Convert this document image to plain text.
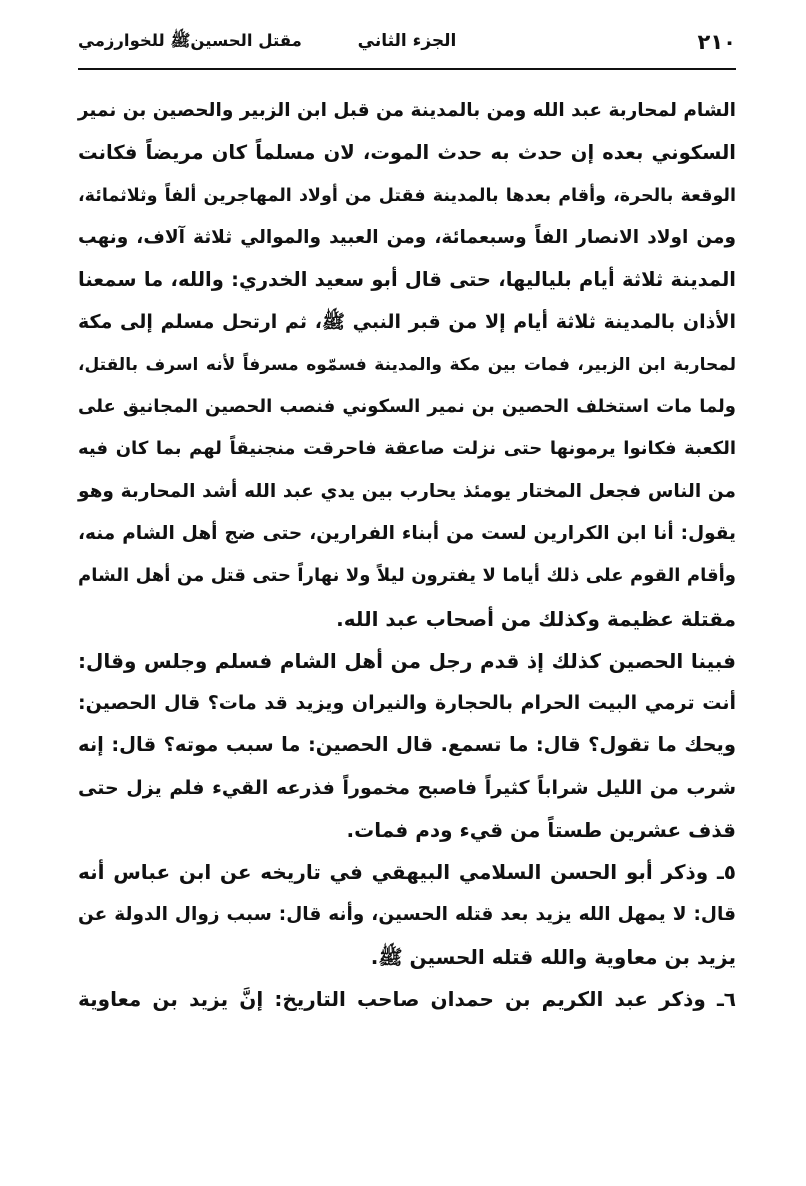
٢١٠
الجزء الثاني
مقتل الحسينﷺ للخوارزمي
الشام لمحاربة عبد الله ومن بالمدينة من قبل ابن الزبير والحصين بن نمير
السكوني بعده إن حدث به حدث الموت، لان مسلماً كان مريضاً فكانت
الوقعة بالحرة، وأقام بعدها بالمدينة فقتل من أولاد المهاجرين ألفاً وثلاثمائة،
ومن اولاد الانصار الفاً وسبعمائة، ومن العبيد والموالي ثلاثة آلاف، ونهب
المدينة ثلاثة أيام بلياليها، حتى قال أبو سعيد الخدري: والله، ما سمعنا
الأذان بالمدينة ثلاثة أيام إلا من قبر النبي ﷺ، ثم ارتحل مسلم إلى مكة
لمحاربة ابن الزبير، فمات بين مكة والمدينة فسمّوه مسرفاً لأنه اسرف بالقتل،
ولما مات استخلف الحصين بن نمير السكوني فنصب الحصين المجانيق على
الكعبة فكانوا يرمونها حتى نزلت صاعقة فاحرقت منجنيقاً لهم بما كان فيه
من الناس فجعل المختار يومئذ يحارب بين يدي عبد الله أشد المحاربة وهو
يقول: أنا ابن الكرارين لست من أبناء الفرارين، حتى ضج أهل الشام منه،
وأقام القوم على ذلك أياما لا يفترون ليلاً ولا نهاراً حتى قتل من أهل الشام
مقتلة عظيمة وكذلك من أصحاب عبد الله.
فبينا الحصين كذلك إذ قدم رجل من أهل الشام فسلم وجلس وقال:
أنت ترمي البيت الحرام بالحجارة والنيران ويزيد قد مات؟ قال الحصين:
ويحك ما تقول؟ قال: ما تسمع. قال الحصين: ما سبب موته؟ قال: إنه
شرب من الليل شراباً كثيراً فاصبح مخموراً فذرعه القيء فلم يزل حتى
قذف عشرين طستاً من قيء ودم فمات.
٥ـ وذكر أبو الحسن السلامي البيهقي في تاريخه عن ابن عباس أنه
قال: لا يمهل الله يزيد بعد قتله الحسين، وأنه قال: سبب زوال الدولة عن
يزيد بن معاوية والله قتله الحسين ﷺ.
٦ـ وذكر عبد الكريم بن حمدان صاحب التاريخ: إنَّ يزيد بن معاوية
